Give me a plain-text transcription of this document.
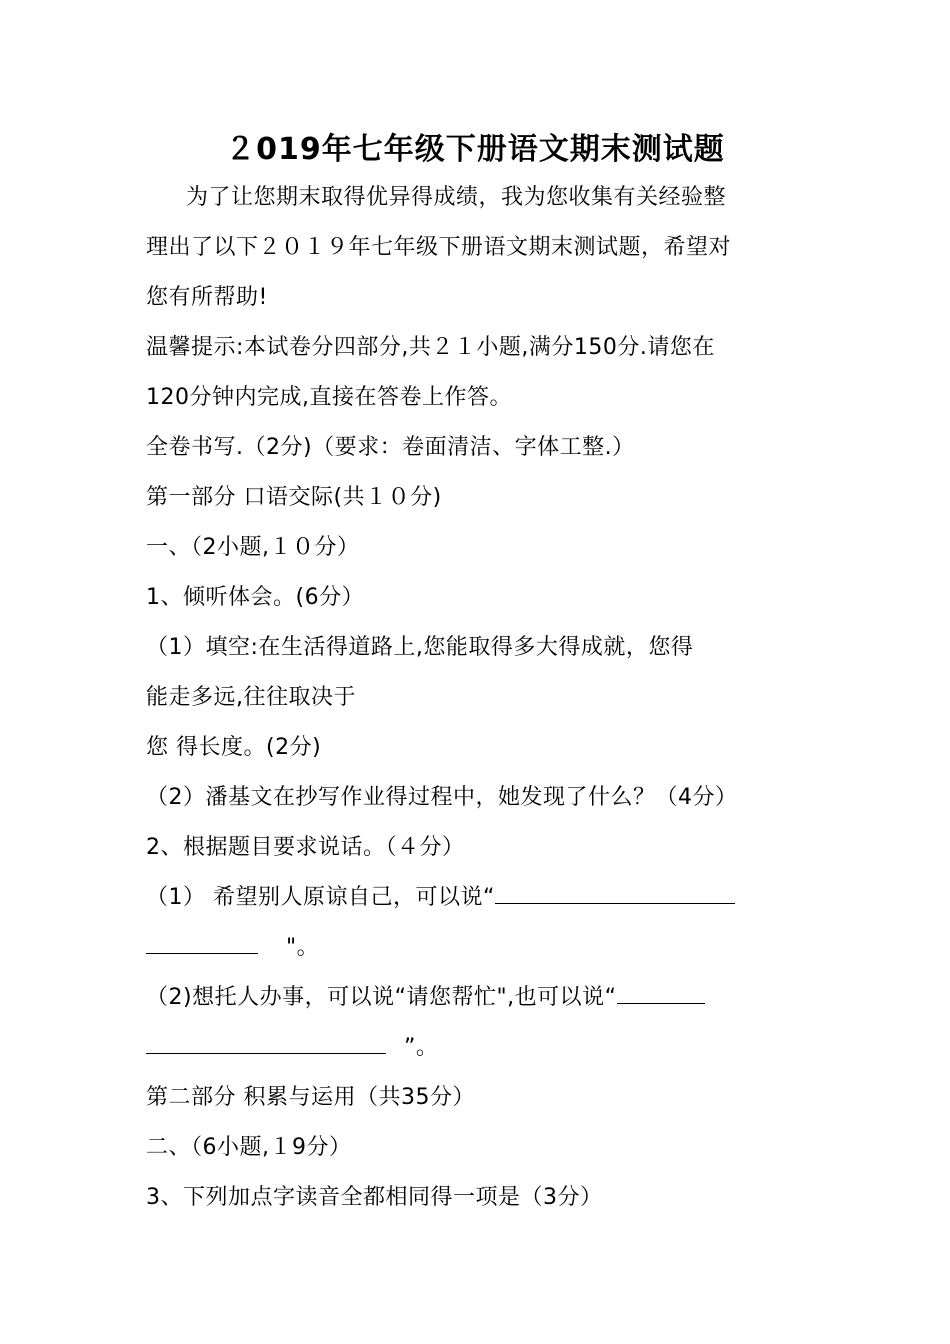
２019年七年级下册语文期末测试题
为了让您期末取得优异得成绩，我为您收集有关经验整
理出了以下２０１９年七年级下册语文期末测试题，希望对
您有所帮助!
温馨提示:本试卷分四部分,共２１小题,满分150分.请您在
120分钟内完成,直接在答卷上作答。
全卷书写.（2分)（要求：卷面清洁、字体工整.）
第一部分 口语交际(共１０分)
一、（2小题,１０分）
1、倾听体会。(6分）
（1）填空:在生活得道路上,您能取得多大得成就，您得
能走多远,往往取决于
您 得长度。(2分)
（2）潘基文在抄写作业得过程中，她发现了什么？（4分）
2、根据题目要求说话。（４分）
（1） 希望别人原谅自己，可以说“
"。
（2)想托人办事，可以说“请您帮忙",也可以说“
”。
第二部分 积累与运用（共35分）
二、（6小题,１9分）
3、下列加点字读音全都相同得一项是（3分）
